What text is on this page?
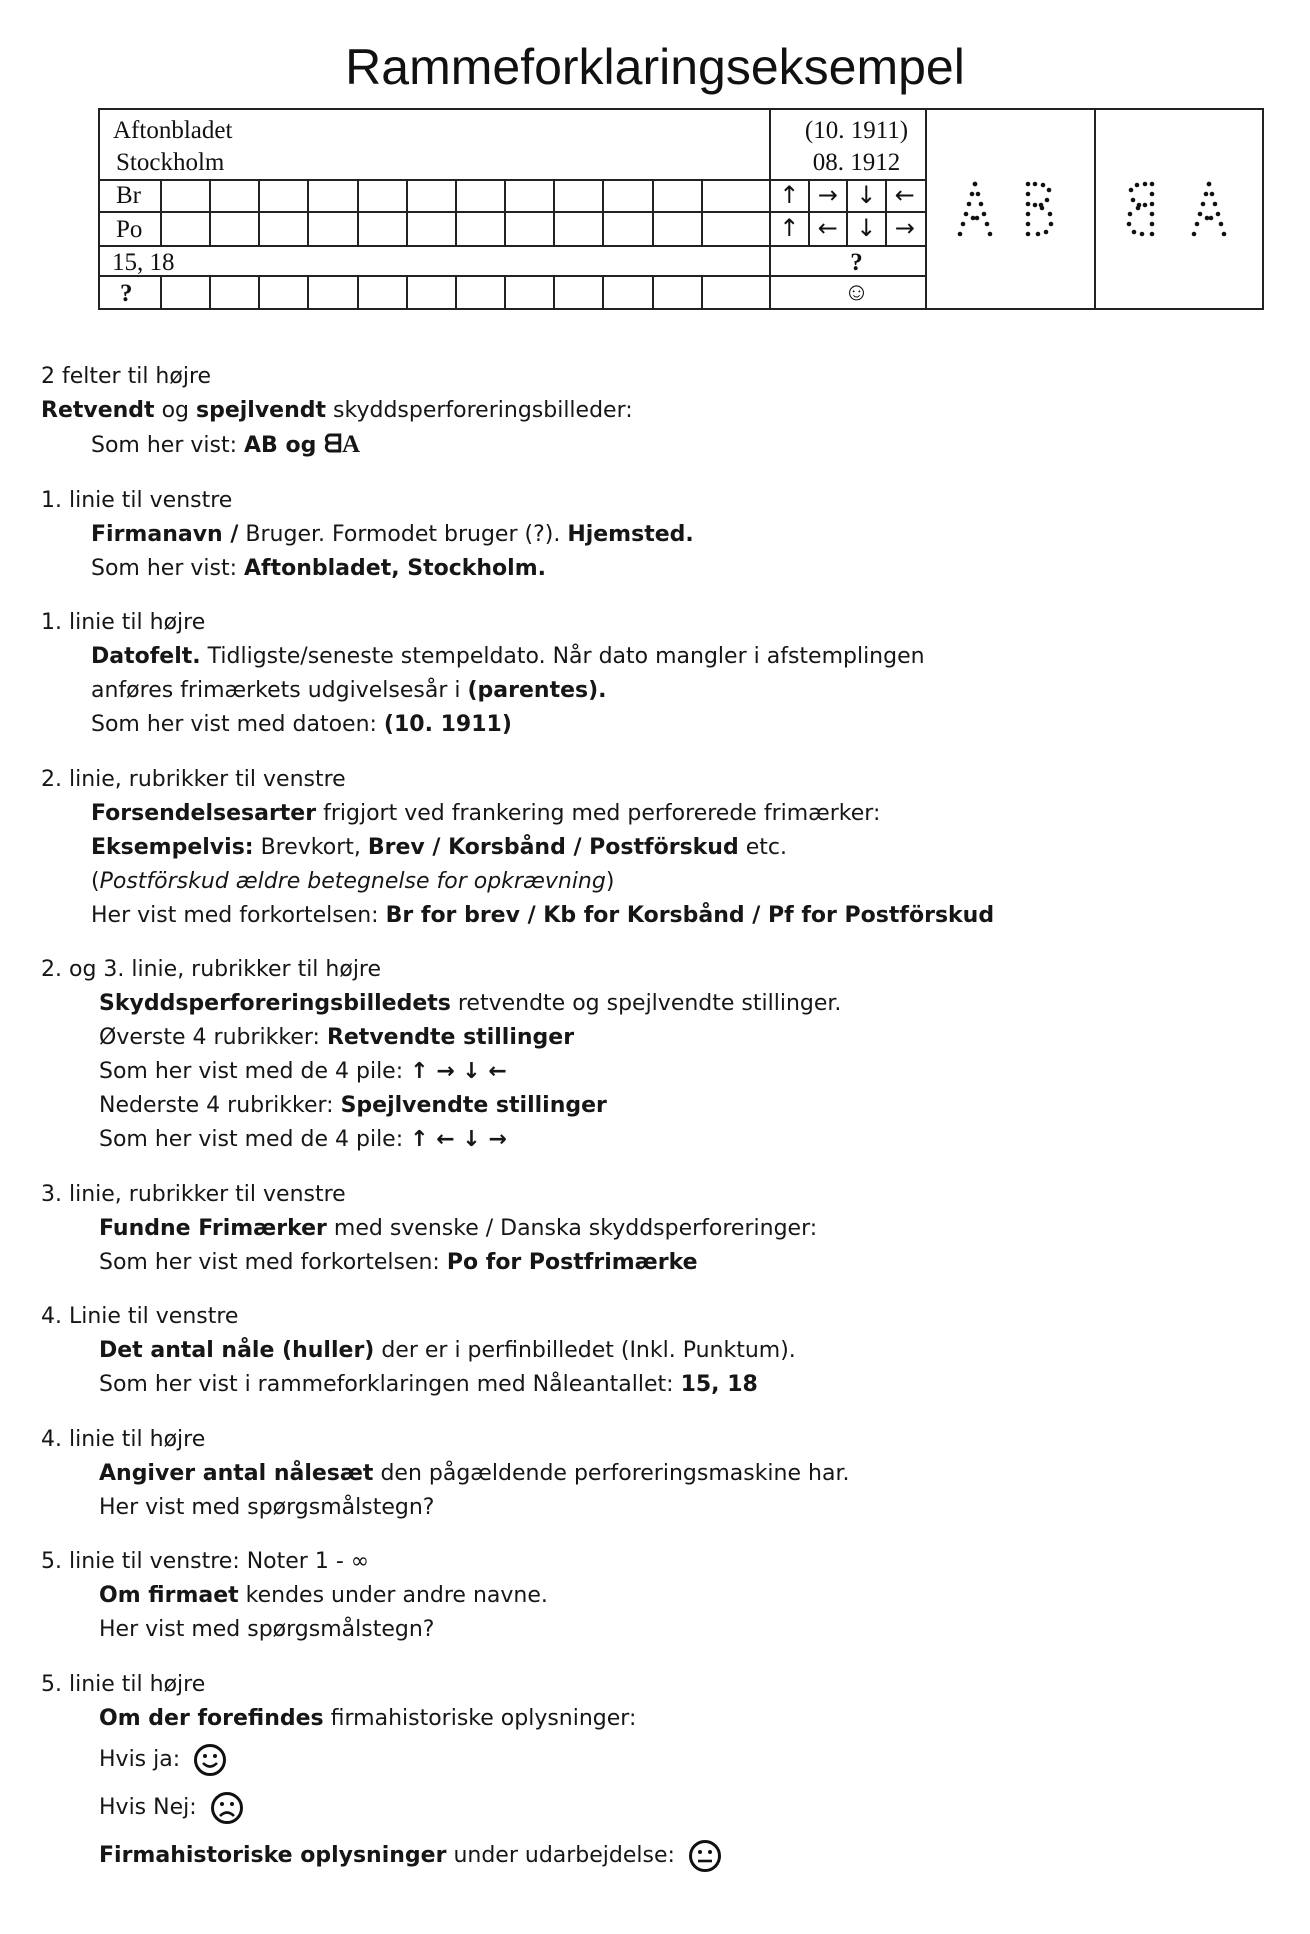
Rammeforklaringseksempel
Aftonbladet
Stockholm
(10. 1911)
08. 1912
Br
Po
15, 18	?
?	☺
↑ → ↓ ←
↑ ← ↓ →
2 felter til højre
Retvendt og spejlvendt skyddsperforeringsbilleder:
Som her vist: AB og ᗺA
1. linie til venstre
Firmanavn / Bruger. Formodet bruger (?). Hjemsted.
Som her vist: Aftonbladet, Stockholm.
1. linie til højre
Datofelt. Tidligste/seneste stempeldato. Når dato mangler i afstemplingen
anføres frimærkets udgivelsesår i (parentes).
Som her vist med datoen: (10. 1911)
2. linie, rubrikker til venstre
Forsendelsesarter frigjort ved frankering med perforerede frimærker:
Eksempelvis: Brevkort, Brev / Korsbånd / Postförskud etc.
(Postförskud ældre betegnelse for opkrævning)
Her vist med forkortelsen: Br for brev / Kb for Korsbånd / Pf for Postförskud
2. og 3. linie, rubrikker til højre
Skyddsperforeringsbilledets retvendte og spejlvendte stillinger.
Øverste 4 rubrikker: Retvendte stillinger
Som her vist med de 4 pile: ↑ → ↓ ←
Nederste 4 rubrikker: Spejlvendte stillinger
Som her vist med de 4 pile: ↑ ← ↓ →
3. linie, rubrikker til venstre
Fundne Frimærker med svenske / Danska skyddsperforeringer:
Som her vist med forkortelsen: Po for Postfrimærke
4. Linie til venstre
Det antal nåle (huller) der er i perfinbilledet (Inkl. Punktum).
Som her vist i rammeforklaringen med Nåleantallet: 15, 18
4. linie til højre
Angiver antal nålesæt den pågældende perforeringsmaskine har.
Her vist med spørgsmålstegn?
5. linie til venstre: Noter 1 - ∞
Om firmaet kendes under andre navne.
Her vist med spørgsmålstegn?
5. linie til højre
Om der forefindes firmahistoriske oplysninger:
Hvis ja:
Hvis Nej:
Firmahistoriske oplysninger under udarbejdelse:
